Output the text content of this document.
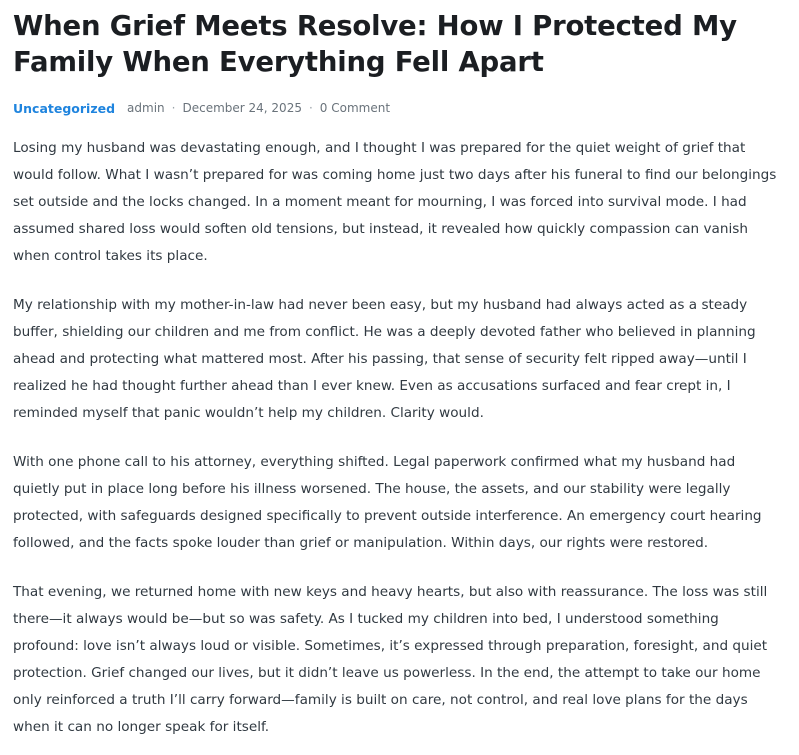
When Grief Meets Resolve: How I Protected My Family When Everything Fell Apart
Uncategorized admin · December 24, 2025 · 0 Comment

Losing my husband was devastating enough, and I thought I was prepared for the quiet weight of grief that would follow. What I wasn’t prepared for was coming home just two days after his funeral to find our belongings set outside and the locks changed. In a moment meant for mourning, I was forced into survival mode. I had assumed shared loss would soften old tensions, but instead, it revealed how quickly compassion can vanish when control takes its place.

My relationship with my mother-in-law had never been easy, but my husband had always acted as a steady buffer, shielding our children and me from conflict. He was a deeply devoted father who believed in planning ahead and protecting what mattered most. After his passing, that sense of security felt ripped away—until I realized he had thought further ahead than I ever knew. Even as accusations surfaced and fear crept in, I reminded myself that panic wouldn’t help my children. Clarity would.

With one phone call to his attorney, everything shifted. Legal paperwork confirmed what my husband had quietly put in place long before his illness worsened. The house, the assets, and our stability were legally protected, with safeguards designed specifically to prevent outside interference. An emergency court hearing followed, and the facts spoke louder than grief or manipulation. Within days, our rights were restored.

That evening, we returned home with new keys and heavy hearts, but also with reassurance. The loss was still there—it always would be—but so was safety. As I tucked my children into bed, I understood something profound: love isn’t always loud or visible. Sometimes, it’s expressed through preparation, foresight, and quiet protection. Grief changed our lives, but it didn’t leave us powerless. In the end, the attempt to take our home only reinforced a truth I’ll carry forward—family is built on care, not control, and real love plans for the days when it can no longer speak for itself.
